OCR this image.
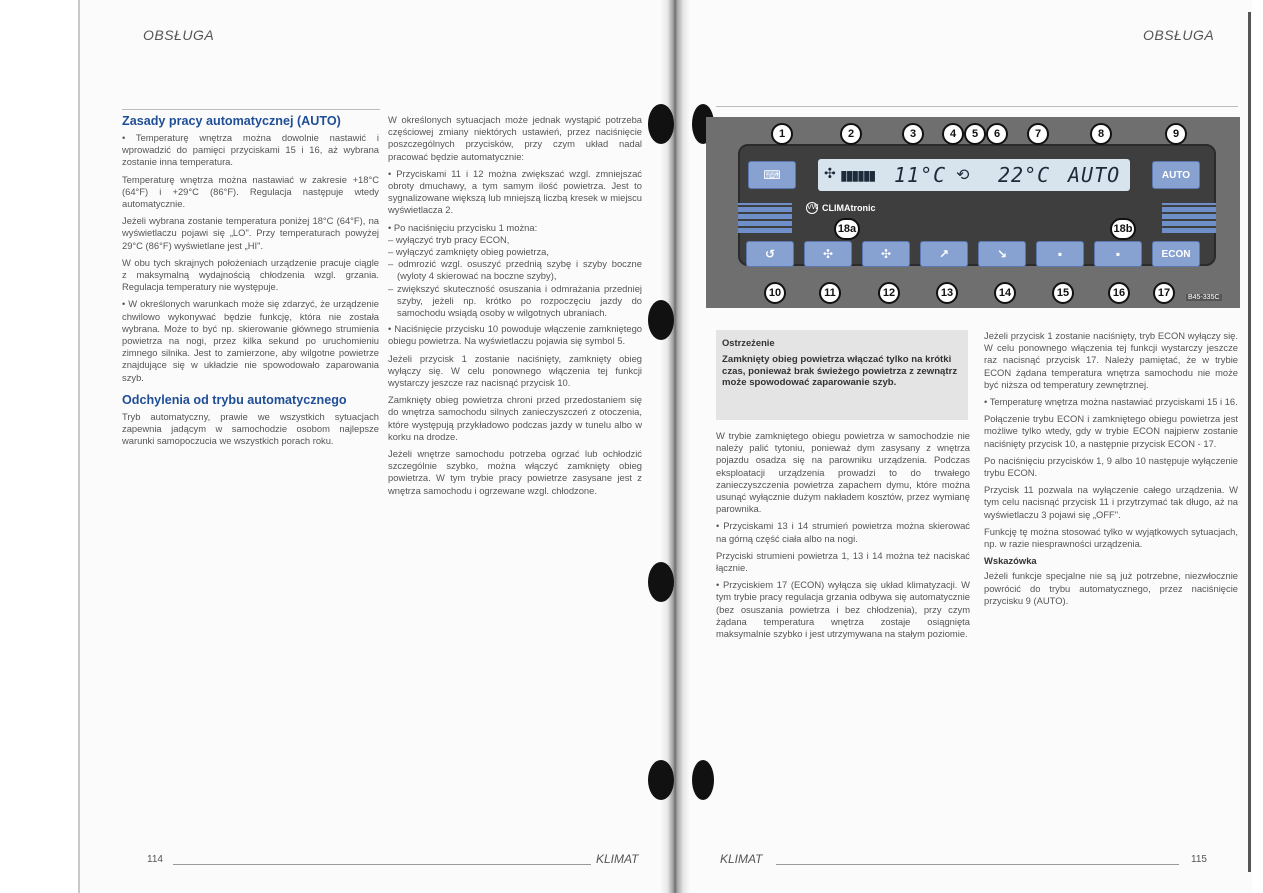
OBSŁUGA
Zasady pracy automatycznej (AUTO)

• Temperaturę wnętrza można dowolnie nastawić i wprowadzić do pamięci przyciskami 15 i 16, aż wybrana zostanie inna temperatura.

Temperaturę wnętrza można nastawiać w zakresie +18°C (64°F) i +29°C (86°F). Regulacja następuje wtedy automatycznie.

Jeżeli wybrana zostanie temperatura poniżej 18°C (64°F), na wyświetlaczu pojawi się „LO". Przy temperaturach powyżej 29°C (86°F) wyświetlane jest „HI".

W obu tych skrajnych położeniach urządzenie pracuje ciągle z maksymalną wydajnością chłodzenia wzgl. grzania. Regulacja temperatury nie występuje.

• W określonych warunkach może się zdarzyć, że urządzenie chwilowo wykonywać będzie funkcję, która nie została wybrana. Może to być np. skierowanie głównego strumienia powietrza na nogi, przez kilka sekund po uruchomieniu zimnego silnika. Jest to zamierzone, aby wilgotne powietrze znajdujące się w układzie nie spowodowało zaparowania szyb.

Odchylenia od trybu automatycznego

Tryb automatyczny, prawie we wszystkich sytuacjach zapewnia jadącym w samochodzie osobom najlepsze warunki samopoczucia we wszystkich porach roku.

W określonych sytuacjach może jednak wystąpić potrzeba częściowej zmiany niektórych ustawień, przez naciśnięcie poszczególnych przycisków, przy czym układ nadal pracować będzie automatycznie:

• Przyciskami 11 i 12 można zwiększać wzgl. zmniejszać obroty dmuchawy, a tym samym ilość powietrza. Jest to sygnalizowane większą lub mniejszą liczbą kresek w miejscu wyświetlacza 2.

• Po naciśnięciu przycisku 1 można:

– wyłączyć tryb pracy ECON,
– wyłączyć zamknięty obieg powietrza,
– odmrozić wzgl. osuszyć przednią szybę i szyby boczne (wyloty 4 skierować na boczne szyby),
– zwiększyć skuteczność osuszania i odmrażania przedniej szyby, jeżeli np. krótko po rozpoczęciu jazdy do samochodu wsiądą osoby w wilgotnych ubraniach.

• Naciśnięcie przycisku 10 powoduje włączenie zamkniętego obiegu powietrza. Na wyświetlaczu pojawia się symbol 5.

Jeżeli przycisk 1 zostanie naciśnięty, zamknięty obieg wyłączy się. W celu ponownego włączenia tej funkcji wystarczy jeszcze raz nacisnąć przycisk 10.

Zamknięty obieg powietrza chroni przed przedostaniem się do wnętrza samochodu silnych zanieczyszczeń z otoczenia, które występują przykładowo podczas jazdy w tunelu albo w korku na drodze.

Jeżeli wnętrze samochodu potrzeba ogrzać lub ochłodzić szczególnie szybko, można włączyć zamknięty obieg powietrza. W tym trybie pracy powietrze zasysane jest z wnętrza samochodu i ogrzewane wzgl. chłodzone.

114	KLIMAT
OBSŁUGA
⌨	AUTO
✣ ▮▮▮▮▮▮ 11°C ⟲ 22°C AUTO
VW CLIMAtronic
↺	✣	✣	↗	↘	▪	▪	ECON
1	2	3	4	5	6	7	8	9
18a	18b
10	11	12	13	14	15	16	17	B45-335C
Ostrzeżenie
Zamknięty obieg powietrza włączać tylko na krótki czas, ponieważ brak świeżego powietrza z zewnątrz może spowodować zaparowanie szyb.

W trybie zamkniętego obiegu powietrza w samochodzie nie należy palić tytoniu, ponieważ dym zasysany z wnętrza pojazdu osadza się na parowniku urządzenia. Podczas eksploatacji urządzenia prowadzi to do trwałego zanieczyszczenia powietrza zapachem dymu, które można usunąć wyłącznie dużym nakładem kosztów, przez wymianę parownika.

• Przyciskami 13 i 14 strumień powietrza można skierować na górną część ciała albo na nogi.

Przyciski strumieni powietrza 1, 13 i 14 można też naciskać łącznie.

• Przyciskiem 17 (ECON) wyłącza się układ klimatyzacji. W tym trybie pracy regulacja grzania odbywa się automatycznie (bez osuszania powietrza i bez chłodzenia), przy czym żądana temperatura wnętrza zostaje osiągnięta maksymalnie szybko i jest utrzymywana na stałym poziomie.

Jeżeli przycisk 1 zostanie naciśnięty, tryb ECON wyłączy się. W celu ponownego włączenia tej funkcji wystarczy jeszcze raz nacisnąć przycisk 17. Należy pamiętać, że w trybie ECON żądana temperatura wnętrza samochodu nie może być niższa od temperatury zewnętrznej.

• Temperaturę wnętrza można nastawiać przyciskami 15 i 16.

Połączenie trybu ECON i zamkniętego obiegu powietrza jest możliwe tylko wtedy, gdy w trybie ECON najpierw zostanie naciśnięty przycisk 10, a następnie przycisk ECON - 17.

Po naciśnięciu przycisków 1, 9 albo 10 następuje wyłączenie trybu ECON.

Przycisk 11 pozwala na wyłączenie całego urządzenia. W tym celu nacisnąć przycisk 11 i przytrzymać tak długo, aż na wyświetlaczu 3 pojawi się „OFF".

Funkcję tę można stosować tylko w wyjątkowych sytuacjach, np. w razie niesprawności urządzenia.

Wskazówka

Jeżeli funkcje specjalne nie są już potrzebne, niezwłocznie powrócić do trybu automatycznego, przez naciśnięcie przycisku 9 (AUTO).

KLIMAT	115
